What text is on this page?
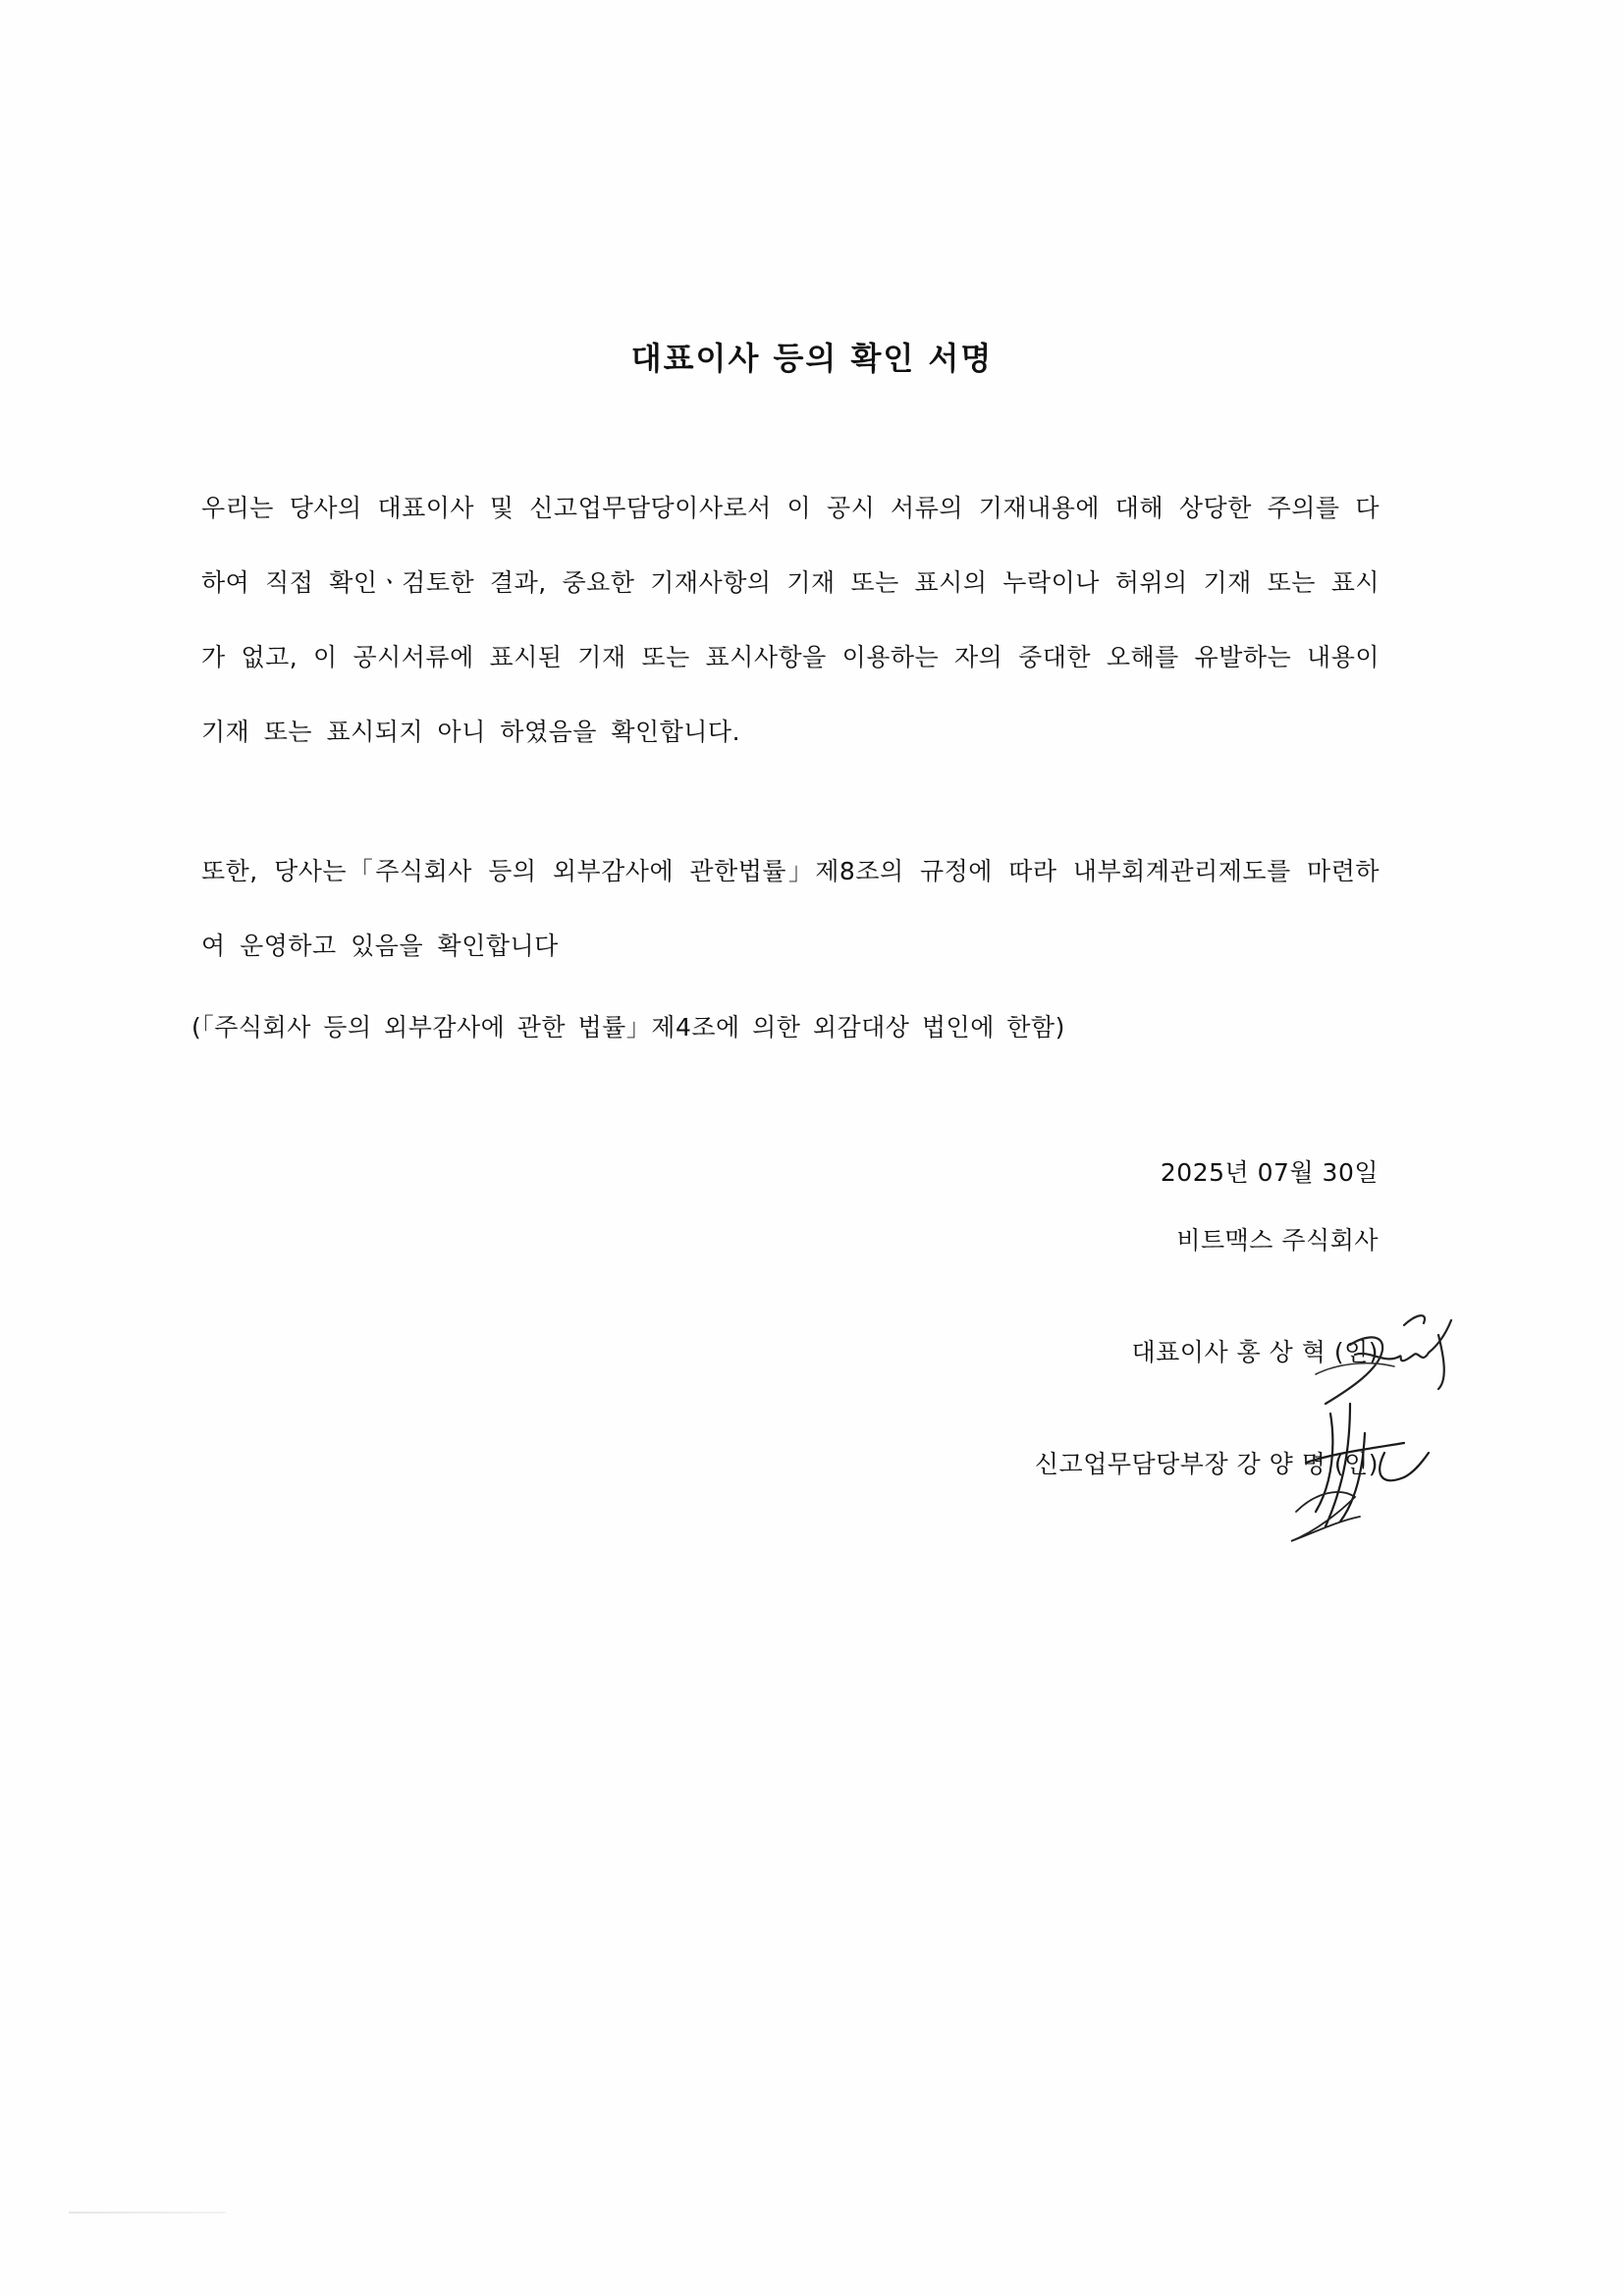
대표이사 등의 확인 서명
우리는 당사의 대표이사 및 신고업무담당이사로서 이 공시 서류의 기재내용에 대해 상당한 주의를 다하여 직접 확인ㆍ검토한 결과, 중요한 기재사항의 기재 또는 표시의 누락이나 허위의 기재 또는 표시가 없고, 이 공시서류에 표시된 기재 또는 표시사항을 이용하는 자의 중대한 오해를 유발하는 내용이 기재 또는 표시되지 아니 하였음을 확인합니다.
또한, 당사는「주식회사 등의 외부감사에 관한법률」제8조의 규정에 따라 내부회계관리제도를 마련하여 운영하고 있음을 확인합니다
(「주식회사 등의 외부감사에 관한 법률」제4조에 의한 외감대상 법인에 한함)
2025년 07월 30일
비트맥스 주식회사
대표이사 홍 상 혁 (인)
신고업무담당부장 강 양 명 (인)
